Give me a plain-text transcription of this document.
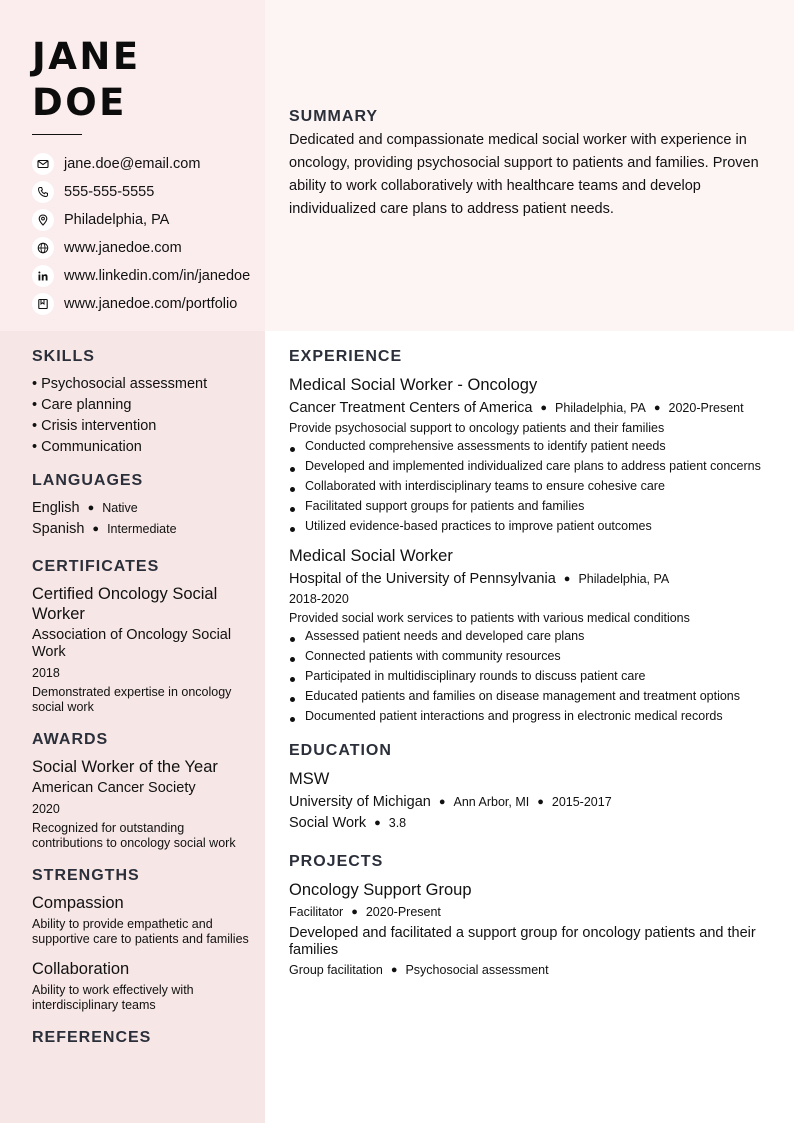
JANE
DOE
jane.doe@email.com
555-555-5555
Philadelphia, PA
www.janedoe.com
www.linkedin.com/in/janedoe
www.janedoe.com/portfolio
SUMMARY

Dedicated and compassionate medical social worker with experience in oncology, providing psychosocial support to patients and families. Proven ability to work collaboratively with healthcare teams and develop individualized care plans to address patient needs.

SKILLS
• Psychosocial assessment
• Care planning
• Crisis intervention
• Communication
LANGUAGES
English ● Native
Spanish ● Intermediate
CERTIFICATES
Certified Oncology Social Worker
Association of Oncology Social Work
2018
Demonstrated expertise in oncology social work
AWARDS
Social Worker of the Year
American Cancer Society
2020
Recognized for outstanding contributions to oncology social work
STRENGTHS
Compassion
Ability to provide empathetic and supportive care to patients and families
Collaboration
Ability to work effectively with interdisciplinary teams
REFERENCES
EXPERIENCE
Medical Social Worker - Oncology
Cancer Treatment Centers of America ● Philadelphia, PA ● 2020-Present
Provide psychosocial support to oncology patients and their families
Conducted comprehensive assessments to identify patient needs
Developed and implemented individualized care plans to address patient concerns
Collaborated with interdisciplinary teams to ensure cohesive care
Facilitated support groups for patients and families
Utilized evidence-based practices to improve patient outcomes
Medical Social Worker
Hospital of the University of Pennsylvania ● Philadelphia, PA
2018-2020
Provided social work services to patients with various medical conditions
Assessed patient needs and developed care plans
Connected patients with community resources
Participated in multidisciplinary rounds to discuss patient care
Educated patients and families on disease management and treatment options
Documented patient interactions and progress in electronic medical records
EDUCATION
MSW
University of Michigan ● Ann Arbor, MI ● 2015-2017
Social Work ● 3.8
PROJECTS
Oncology Support Group
Facilitator ● 2020-Present
Developed and facilitated a support group for oncology patients and their families
Group facilitation ● Psychosocial assessment
